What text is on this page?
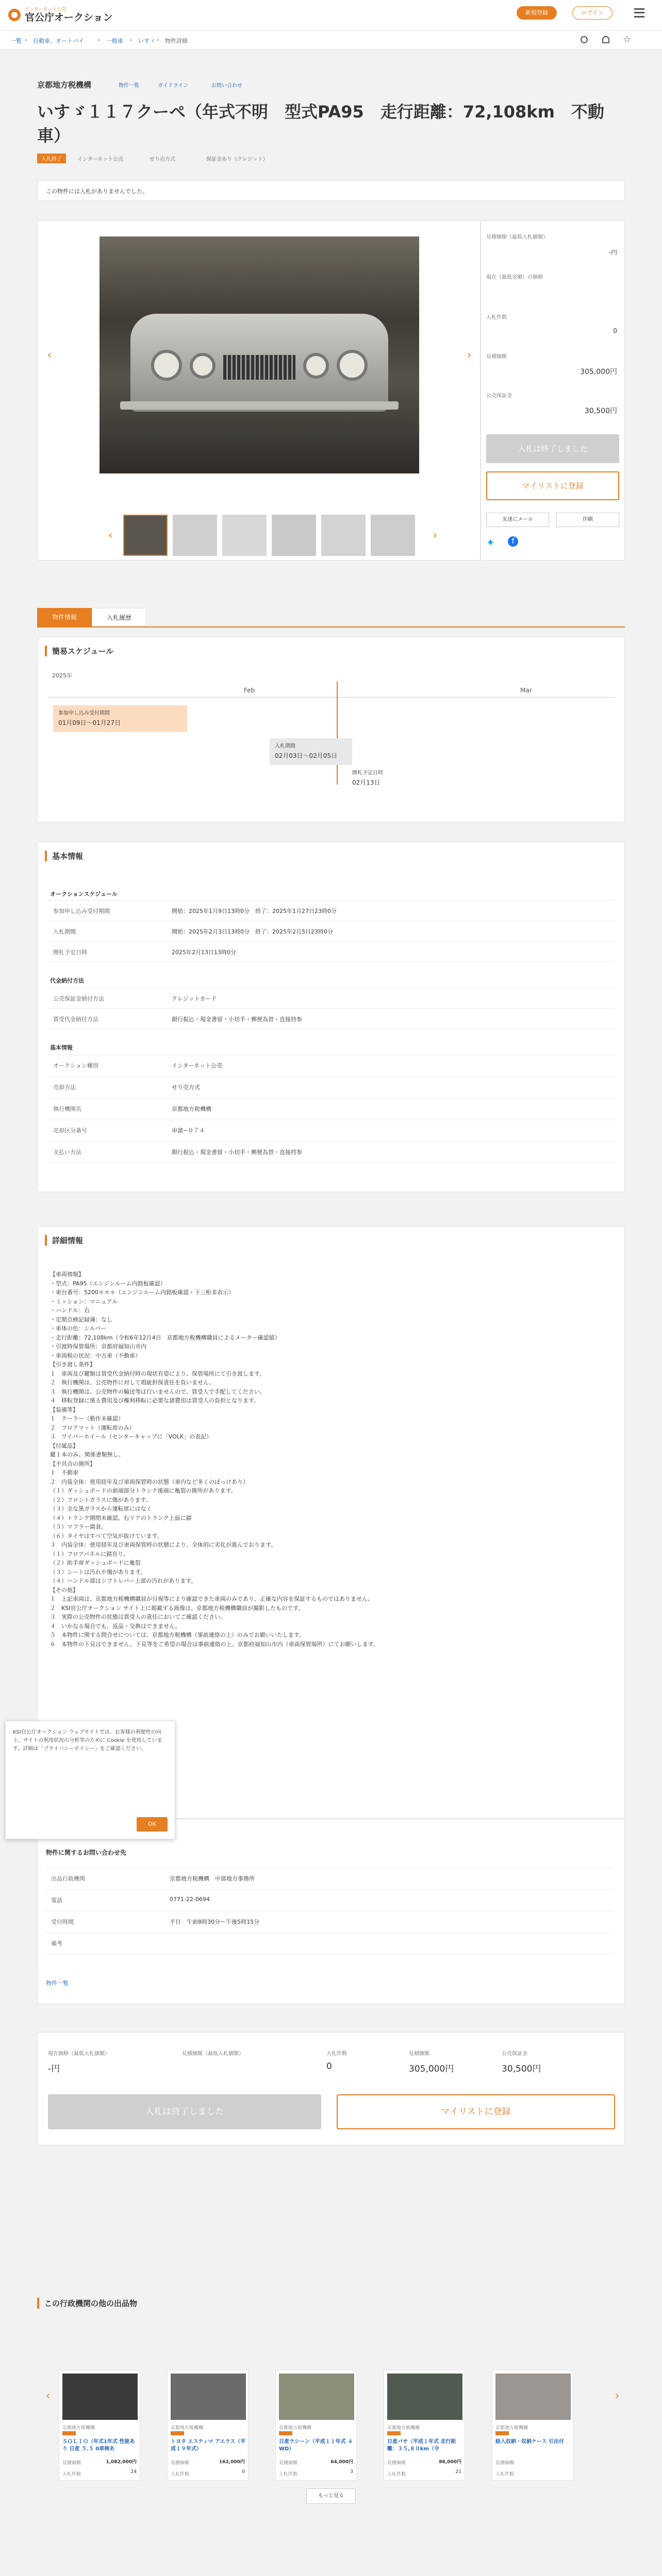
インターネット公売
官公庁オークション	新規登録	ログイン
一覧 › 自動車、オートバイ › 一般車 › いすゞ › 物件詳細	☆
京都地方税機構	物件一覧	ガイドライン	お問い合わせ
いすゞ１１７クーペ（年式不明　型式PA95　走行距離：72,108km　不動車）
入札終了	インターネット公売	せり売方式	保証金あり（クレジット）
この物件には入札がありませんでした。
‹	›
‹	›
見積価額（最低入札価額）
-円
現在（最低金額）の価格
入札件数
0
見積価額
305,000円
公売保証金
30,500円
入札は終了しました
マイリストに登録
友達にメール	印刷
✦	f
物件情報	入札履歴
簡易スケジュール
2025年
Feb	Mar
参加申し込み受付期間
01月09日～01月27日
入札期間
02月03日～02月05日
開札予定日時
02月13日
基本情報
オークションスケジュール
参加申し込み受付期間	開始：2025年1月9日13時0分　終了：2025年1月27日23時0分
入札期間	開始：2025年2月3日13時0分　終了：2025年2月5日23時0分
開札予定日時	2025年2月13日13時0分
代金納付方法
公売保証金納付方法	クレジットカード
買受代金納付方法	銀行振込・現金書留・小切手・郵便為替・直接持参
基本情報
オークション種別	インターネット公売
売却方法	せり売方式
執行機関名	京都地方税機構
売却区分番号	申請−０７４
支払い方法	銀行振込・現金書留・小切手・郵便為替・直接持参
詳細情報

【車両情報】

・型式：PA95（エンジンルーム内銘板確認）

・車台番号：5200＊＊＊（エンジンルーム内銘板確認・下三桁非表示）

・ミッション：マニュアル

・ハンドル：右

・定期点検記録簿：なし

・車体の色：シルバー

・走行距離：72,108km（令和6年12月4日　京都地方税機構職員によるメーター確認値）

・引渡時保管場所：京都府福知山市内

・車両税の状況：中古車（不動車）

【引き渡し条件】

１　車両及び鍵類は買受代金納付時の現状有姿により、保管場所にて引き渡します。

２　執行機関は、公売物件に対して瑕疵担保責任を負いません。

３　執行機関は、公売物件の輸送等は行いませんので、買受人で手配してください。

４　移転登録に係る費用及び権利移転に必要な諸費用は買受人の負担となります。

【装備等】

１　クーラー（動作未確認）

２　フロアマット（運転席のみ）

３　ワイパーホイール（センターキャップに「VOLK」の表記）

【付属品】

鍵１本のみ。関係書類無し。

【不具合の箇所】

１　不動車

２　内装全体：使用経年及び車両保管時の状態（車内など多くのぼっけあり）

（１）ダッシュボードの前端部分トランク後端に亀裂の箇所があります。

（２）フロントガラスに傷があります。

（３）全な黒ガラスから運転席にはなく

（４）トランク開閉未確認。右リアのトランク上面に錆

（５）マフラー腐食。

（６）タイヤはすべて空気が抜けています。

３　内装全体：使用経年及び車両保管時の状態により、全体的に劣化が進んでおります。

（１）フロアパネルに錆有り。

（２）助手席ダッシュボードに亀裂

（３）シートは汚れや傷があります。

（４）ハンドル部はシフトレバー上部の汚れがあります。

【その他】

１　上記車両は、京都地方税機構職員が目視等により確認できた車両のみであり、正確な内容を保証するものではありません。

２　KSI官公庁オークション サイト上に掲載する画像は、京都地方税機構職員が撮影したものです。

３　実際の公売物件の状態は買受人の責任においてご確認ください。

４　いかなる場合でも、返品・交換はできません。

５　本物件に関する問合せについては、京都地方税機構（事前連絡の上）のみでお願いいたします。

６　本物件の下見はできません。下見等をご希望の場合は事前連絡の上、京都府福知山市内（車両保管場所）にてお願いします。

物件に関するお問い合わせ先
出品行政機関	京都地方税機構　中部地方事務所
電話	0771-22-0694
受付時間	平日　午前8時30分〜午後5時15分
備考
物件一覧
KSI官公庁オークション ウェブサイトでは、お客様の利便性の向上、サイトの利用状況の分析等のために Cookie を使用しています。詳細は「プライバシーポリシー」をご確認ください。
OK
現在価格（最低入札価額）
-円
見積価額（最低入札価額）	入札件数
0
見積価額
305,000円
公売保証金
30,500円
入札は終了しました	マイリストに登録
この行政機関の他の出品物
‹	›
京都地方税機構
ＳＯＬＩＯ（年式1年式 性能あり 日産 ５.５ 0車検あ
見積価額	1,082,000円
入札件数	24
京都地方税機構
トヨタ エスティマ アエラス（平成１９年式）
見積価額	162,000円
入札件数	0
京都地方税機構
日産ラシーン（平成１１年式 ４WD）
見積価額	64,000円
入札件数	3
京都地方税機構
日産バサ（平成１年式 走行距離：３５,８０km（令
見積価額	86,000円
入札件数	21
京都地方税機構
絵入収納・収納ケース 引出付
見積価額
入札件数
もっと見る
